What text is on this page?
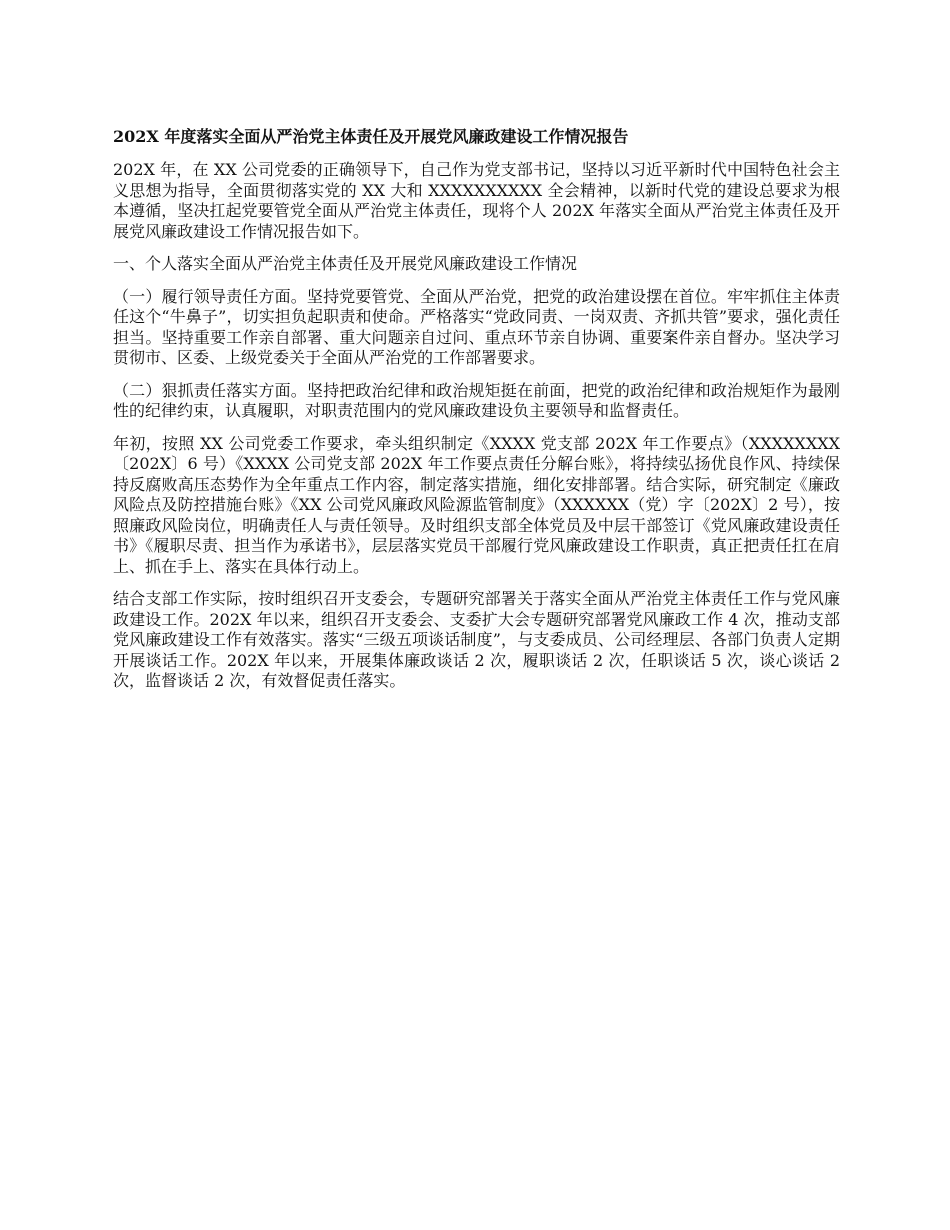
202X 年度落实全面从严治党主体责任及开展党风廉政建设工作情况报告

202X 年，在 XX 公司党委的正确领导下，自己作为党支部书记，坚持以习近平新时代中国特色社会主义思想为指导，全面贯彻落实党的 XX 大和 XXXXXXXXXX 全会精神，以新时代党的建设总要求为根本遵循，坚决扛起党要管党全面从严治党主体责任，现将个人 202X 年落实全面从严治党主体责任及开展党风廉政建设工作情况报告如下。

一、个人落实全面从严治党主体责任及开展党风廉政建设工作情况

（一）履行领导责任方面。坚持党要管党、全面从严治党，把党的政治建设摆在首位。牢牢抓住主体责任这个“牛鼻子”，切实担负起职责和使命。严格落实“党政同责、一岗双责、齐抓共管”要求，强化责任担当。坚持重要工作亲自部署、重大问题亲自过问、重点环节亲自协调、重要案件亲自督办。坚决学习贯彻市、区委、上级党委关于全面从严治党的工作部署要求。

（二）狠抓责任落实方面。坚持把政治纪律和政治规矩挺在前面，把党的政治纪律和政治规矩作为最刚性的纪律约束，认真履职，对职责范围内的党风廉政建设负主要领导和监督责任。

年初，按照 XX 公司党委工作要求，牵头组织制定《XXXX 党支部 202X 年工作要点》（XXXXXXXX〔202X〕6 号）《XXXX 公司党支部 202X 年工作要点责任分解台账》，将持续弘扬优良作风、持续保持反腐败高压态势作为全年重点工作内容，制定落实措施，细化安排部署。结合实际，研究制定《廉政风险点及防控措施台账》《XX 公司党风廉政风险源监管制度》（XXXXXX（党）字〔202X〕2 号），按照廉政风险岗位，明确责任人与责任领导。及时组织支部全体党员及中层干部签订《党风廉政建设责任书》《履职尽责、担当作为承诺书》，层层落实党员干部履行党风廉政建设工作职责，真正把责任扛在肩上、抓在手上、落实在具体行动上。

结合支部工作实际，按时组织召开支委会，专题研究部署关于落实全面从严治党主体责任工作与党风廉政建设工作。202X 年以来，组织召开支委会、支委扩大会专题研究部署党风廉政工作 4 次，推动支部党风廉政建设工作有效落实。落实“三级五项谈话制度”，与支委成员、公司经理层、各部门负责人定期开展谈话工作。202X 年以来，开展集体廉政谈话 2 次，履职谈话 2 次，任职谈话 5 次，谈心谈话 2 次，监督谈话 2 次，有效督促责任落实。
